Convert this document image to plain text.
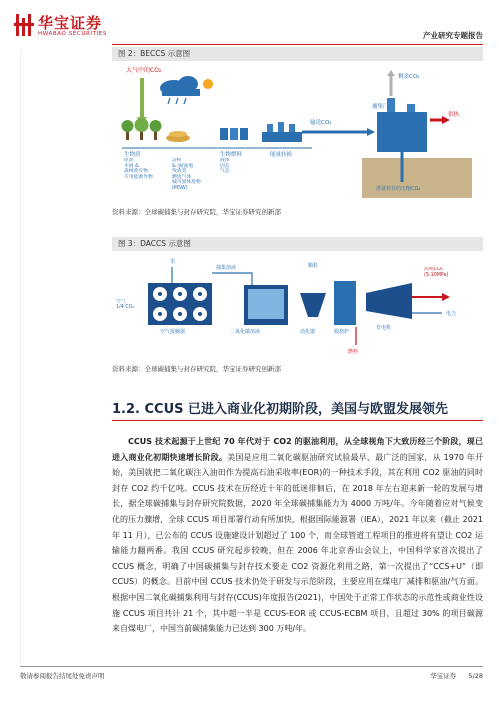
华宝证券
HWABAO SECURITIES	产业研究专题报告
图 2：BECCS 示意图
大气中的CO₂
生物质	生物燃料	能量转换
原油
木屑 &
森林废弃物
专用能源作物
淀粉
& 油/油脂
残渣类
燃烧气体
城市固体废物
(MSW)
液体
固态
气态
输送CO₂
捕集厂
剩余CO₂
供热
准备封存的压缩CO₂
资料来源：全球碳捕集与封存研究院，华宝证券研究创新部
图 3：DACCS 示意图
水
空气
1/4 CO₂
空气接触器
捕集溶液
二氧化碳溶液
颗粒
煅烧炉
消化器
燃料
发电机
高纯CO₂
(5-10MPa)
电力
资料来源：全球碳捕集与封存研究院，华宝证券研究创新部
1.2. CCUS 已进入商业化初期阶段，美国与欧盟发展领先
CCUS 技术起源于上世纪 70 年代对于 CO2 的驱油利用，从全球视角下大致历经三个阶段，现已进入商业化初期快速增长阶段。美国是应用二氧化碳驱油研究试验最早、最广泛的国家，从 1970 年开始，美国就把二氧化碳注入油田作为提高石油采收率(EOR)的一种技术手段，其在利用 CO2 驱油的同时封存 CO2 约千亿吨。CCUS 技术在历经近十年的低迷徘徊后，在 2018 年左右迎来新一轮的发展与增长，据全球碳捕集与封存研究院数据，2020 年全球碳捕集能力为 4000 万吨/年。今年随着应对气候变化的压力骤增，全球 CCUS 项目部署行动有所加快，根据国际能源署（IEA），2021 年以来（截止 2021 年 11 月），已公布的 CCUS 设施建设计划超过了 100 个，而全球管道工程项目的推进将有望让 CO2 运输能力翻两番。我国 CCUS 研究起步较晚，但在 2006 年北京香山会议上，中国科学家首次提出了 CCUS 概念，明确了中国碳捕集与封存技术要走 CO2 资源化利用之路，第一次提出了“CCS+U”（即 CCUS）的概念。目前中国 CCUS 技术仍处于研发与示范阶段，主要应用在煤电厂减排和驱油/气方面。根据中国二氧化碳捕集利用与封存(CCUS)年度报告(2021)，中国处于正常工作状态的示范性或商业性设施 CCUS 项目共计 21 个，其中超一半是 CCUS-EOR 或 CCUS-ECBM 项目，且超过 30% 的项目碳源来自煤电厂，中国当前碳捕集能力已达到 300 万吨/年。
敬请参阅报告结尾处免责声明	华宝证券 5/28
